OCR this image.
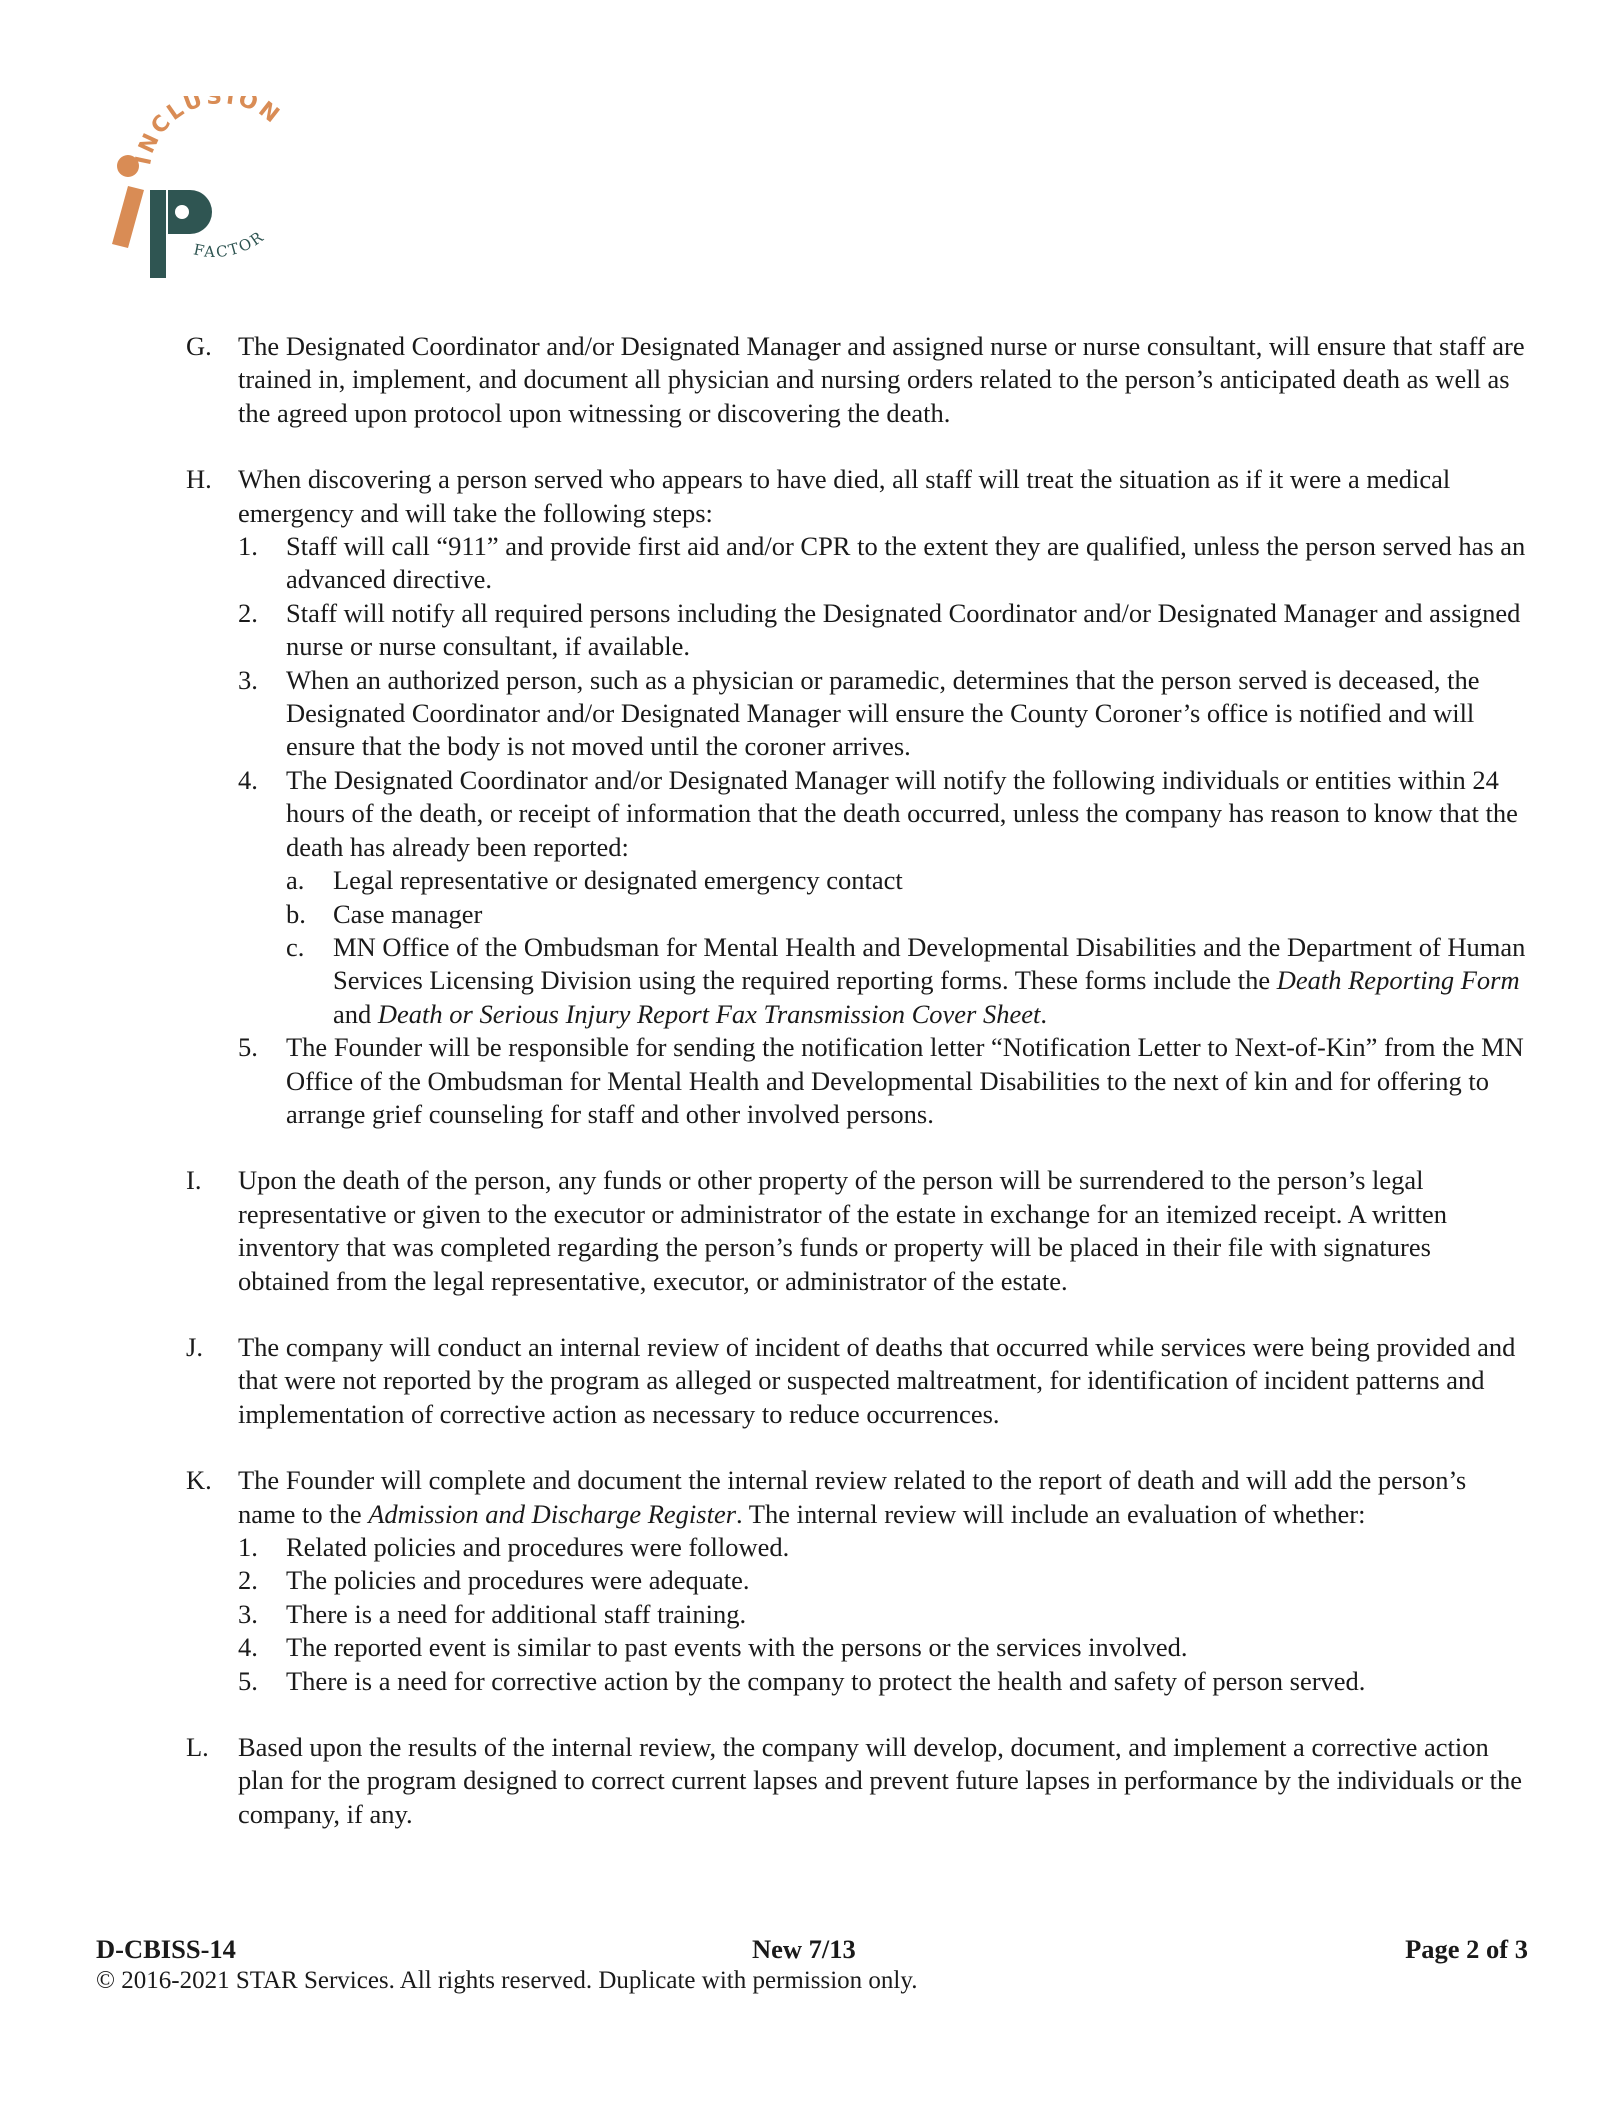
INCLUSION
FACTOR
G. The Designated Coordinator and/or Designated Manager and assigned nurse or nurse consultant, will ensure that staff are trained in, implement, and document all physician and nursing orders related to the person’s anticipated death as well as the agreed upon protocol upon witnessing or discovering the death.
H. When discovering a person served who appears to have died, all staff will treat the situation as if it were a medical emergency and will take the following steps:
1. Staff will call “911” and provide first aid and/or CPR to the extent they are qualified, unless the person served has an advanced directive.
2. Staff will notify all required persons including the Designated Coordinator and/or Designated Manager and assigned nurse or nurse consultant, if available.
3. When an authorized person, such as a physician or paramedic, determines that the person served is deceased, the Designated Coordinator and/or Designated Manager will ensure the County Coroner’s office is notified and will ensure that the body is not moved until the coroner arrives.
4. The Designated Coordinator and/or Designated Manager will notify the following individuals or entities within 24 hours of the death, or receipt of information that the death occurred, unless the company has reason to know that the death has already been reported:
a. Legal representative or designated emergency contact
b. Case manager
c. MN Office of the Ombudsman for Mental Health and Developmental Disabilities and the Department of Human Services Licensing Division using the required reporting forms. These forms include the Death Reporting Form and Death or Serious Injury Report Fax Transmission Cover Sheet.
5. The Founder will be responsible for sending the notification letter “Notification Letter to Next-of-Kin” from the MN Office of the Ombudsman for Mental Health and Developmental Disabilities to the next of kin and for offering to arrange grief counseling for staff and other involved persons.
I. Upon the death of the person, any funds or other property of the person will be surrendered to the person’s legal representative or given to the executor or administrator of the estate in exchange for an itemized receipt. A written inventory that was completed regarding the person’s funds or property will be placed in their file with signatures obtained from the legal representative, executor, or administrator of the estate.
J. The company will conduct an internal review of incident of deaths that occurred while services were being provided and that were not reported by the program as alleged or suspected maltreatment, for identification of incident patterns and implementation of corrective action as necessary to reduce occurrences.
K. The Founder will complete and document the internal review related to the report of death and will add the person’s name to the Admission and Discharge Register. The internal review will include an evaluation of whether:
1. Related policies and procedures were followed.
2. The policies and procedures were adequate.
3. There is a need for additional staff training.
4. The reported event is similar to past events with the persons or the services involved.
5. There is a need for corrective action by the company to protect the health and safety of person served.
L. Based upon the results of the internal review, the company will develop, document, and implement a corrective action plan for the program designed to correct current lapses and prevent future lapses in performance by the individuals or the company, if any.
D-CBISS-14	New 7/13	Page 2 of 3
© 2016-2021 STAR Services. All rights reserved. Duplicate with permission only.
